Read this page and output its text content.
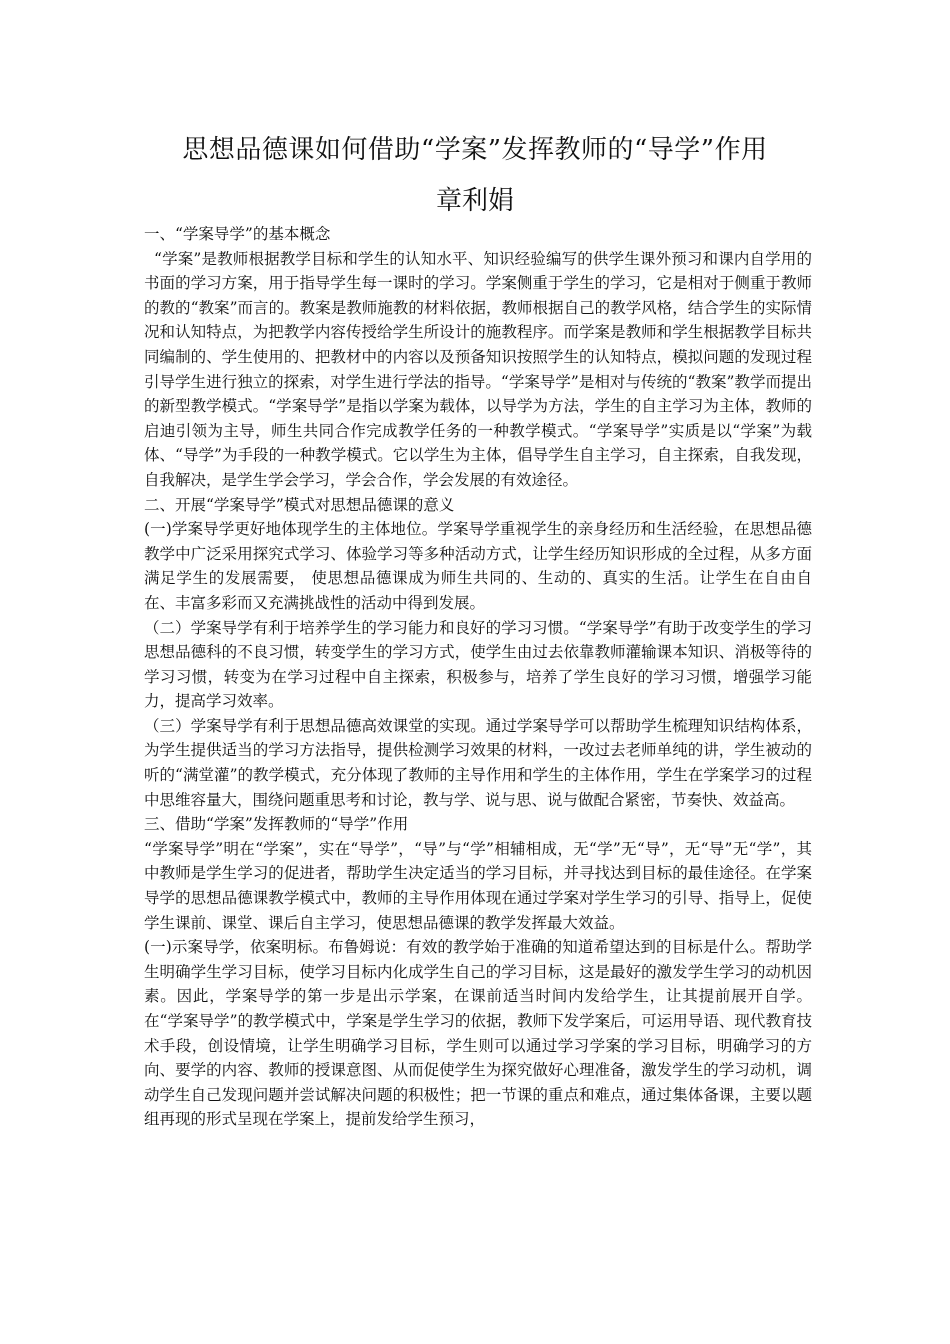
思想品德课如何借助“学案”发挥教师的“导学”作用
章利娟

一、“学案导学”的基本概念

“学案”是教师根据教学目标和学生的认知水平、知识经验编写的供学生课外预习和课内自学用的书面的学习方案，用于指导学生每一课时的学习。学案侧重于学生的学习，它是相对于侧重于教师的教的“教案”而言的。教案是教师施教的材料依据，教师根据自己的教学风格，结合学生的实际情况和认知特点，为把教学内容传授给学生所设计的施教程序。而学案是教师和学生根据教学目标共同编制的、学生使用的、把教材中的内容以及预备知识按照学生的认知特点，模拟问题的发现过程引导学生进行独立的探索，对学生进行学法的指导。“学案导学”是相对与传统的“教案”教学而提出的新型教学模式。“学案导学”是指以学案为载体，以导学为方法，学生的自主学习为主体，教师的启迪引领为主导，师生共同合作完成教学任务的一种教学模式。“学案导学”实质是以“学案”为载体、“导学”为手段的一种教学模式。它以学生为主体，倡导学生自主学习，自主探索，自我发现，自我解决，是学生学会学习，学会合作，学会发展的有效途径。

二、开展“学案导学”模式对思想品德课的意义

(一)学案导学更好地体现学生的主体地位。学案导学重视学生的亲身经历和生活经验，在思想品德教学中广泛采用探究式学习、体验学习等多种活动方式，让学生经历知识形成的全过程，从多方面满足学生的发展需要， 使思想品德课成为师生共同的、生动的、真实的生活。让学生在自由自在、丰富多彩而又充满挑战性的活动中得到发展。

（二）学案导学有利于培养学生的学习能力和良好的学习习惯。“学案导学”有助于改变学生的学习思想品德科的不良习惯，转变学生的学习方式，使学生由过去依靠教师灌输课本知识、消极等待的学习习惯，转变为在学习过程中自主探索，积极参与，培养了学生良好的学习习惯，增强学习能力，提高学习效率。

（三）学案导学有利于思想品德高效课堂的实现。通过学案导学可以帮助学生梳理知识结构体系，为学生提供适当的学习方法指导，提供检测学习效果的材料，一改过去老师单纯的讲，学生被动的听的“满堂灌”的教学模式，充分体现了教师的主导作用和学生的主体作用，学生在学案学习的过程中思维容量大，围绕问题重思考和讨论，教与学、说与思、说与做配合紧密，节奏快、效益高。

三、借助“学案”发挥教师的“导学”作用

“学案导学”明在“学案”，实在“导学”，“导”与“学”相辅相成，无“学”无“导”，无“导”无“学”，其中教师是学生学习的促进者，帮助学生决定适当的学习目标，并寻找达到目标的最佳途径。在学案导学的思想品德课教学模式中，教师的主导作用体现在通过学案对学生学习的引导、指导上，促使学生课前、课堂、课后自主学习，使思想品德课的教学发挥最大效益。

(一)示案导学，依案明标。布鲁姆说：有效的教学始于准确的知道希望达到的目标是什么。帮助学生明确学生学习目标，使学习目标内化成学生自己的学习目标，这是最好的激发学生学习的动机因素。因此，学案导学的第一步是出示学案，在课前适当时间内发给学生，让其提前展开自学。在“学案导学”的教学模式中，学案是学生学习的依据，教师下发学案后，可运用导语、现代教育技术手段，创设情境，让学生明确学习目标，学生则可以通过学习学案的学习目标，明确学习的方向、要学的内容、教师的授课意图、从而促使学生为探究做好心理准备，激发学生的学习动机，调动学生自己发现问题并尝试解决问题的积极性；把一节课的重点和难点，通过集体备课，主要以题组再现的形式呈现在学案上，提前发给学生预习，
